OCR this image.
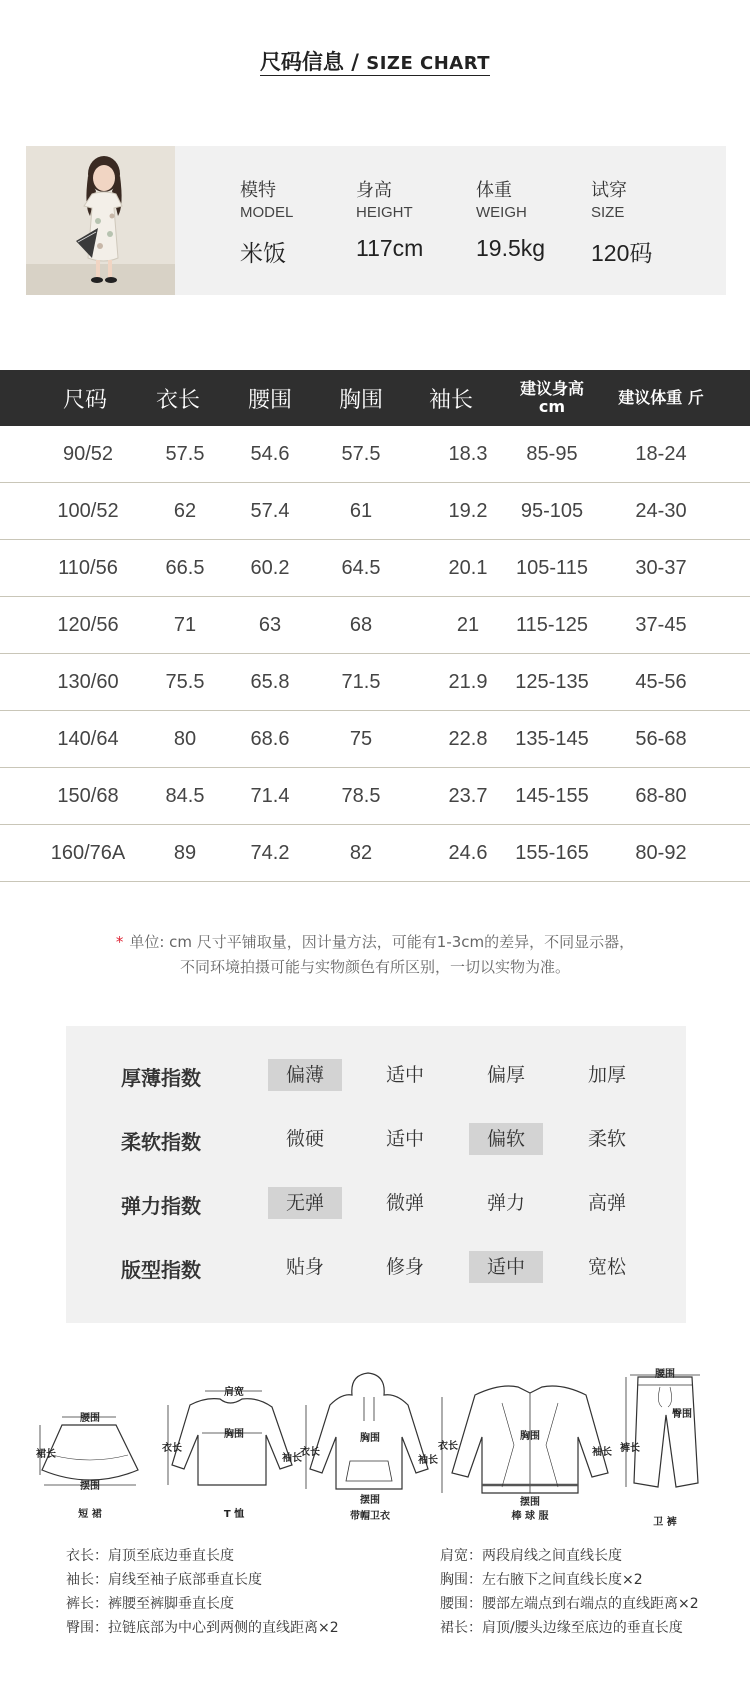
尺码信息 / SIZE CHART
模特
MODEL
米饭
身高
HEIGHT
117cm
体重
WEIGH
19.5kg
试穿
SIZE
120码
尺码	衣长	腰围	胸围	袖长	建议身高 cm	建议体重 斤
90/52	57.5	54.6	57.5	18.3	85-95	18-24
100/52	62	57.4	61	19.2	95-105	24-30
110/56	66.5	60.2	64.5	20.1	105-115	30-37
120/56	71	63	68	21	115-125	37-45
130/60	75.5	65.8	71.5	21.9	125-135	45-56
140/64	80	68.6	75	22.8	135-145	56-68
150/68	84.5	71.4	78.5	23.7	145-155	68-80
160/76A	89	74.2	82	24.6	155-165	80-92
* 单位: cm 尺寸平铺取量，因计量方法，可能有1-3cm的差异，不同显示器，
不同环境拍摄可能与实物颜色有所区别，一切以实物为准。
厚薄指数	偏薄	适中	偏厚	加厚
柔软指数	微硬	适中	偏软	柔软
弹力指数	无弹	微弹	弹力	高弹
版型指数	贴身	修身	适中	宽松
腰围
裙长
摆围
短 裙
肩宽
胸围
衣长
袖长
T 恤
胸围
衣长
袖长
摆围
带帽卫衣
胸围
衣长
袖长
摆围
棒 球 服
腰围
臀围
裤长
卫 裤
衣长：肩顶至底边垂直长度
袖长：肩线至袖子底部垂直长度
裤长：裤腰至裤脚垂直长度
臀围：拉链底部为中心到两侧的直线距离×2
肩宽：两段肩线之间直线长度
胸围：左右腋下之间直线长度×2
腰围：腰部左端点到右端点的直线距离×2
裙长：肩顶/腰头边缘至底边的垂直长度
